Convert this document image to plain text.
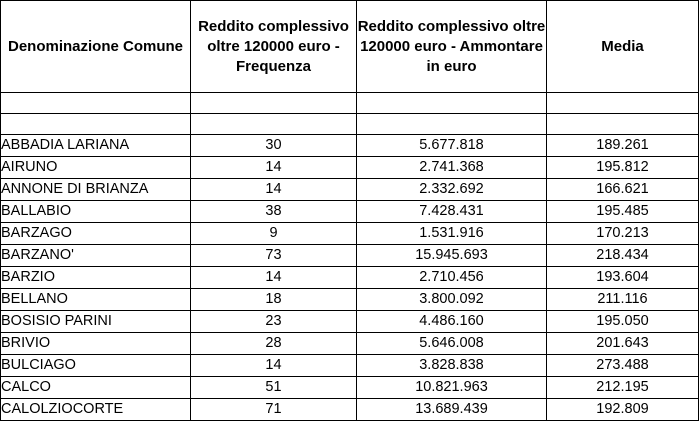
Denominazione Comune	Reddito complessivo oltre 120000 euro - Frequenza	Reddito complessivo oltre 120000 euro - Ammontare in euro	Media

ABBADIA LARIANA	30	5.677.818	189.261
AIRUNO	14	2.741.368	195.812
ANNONE DI BRIANZA	14	2.332.692	166.621
BALLABIO	38	7.428.431	195.485
BARZAGO	9	1.531.916	170.213
BARZANO'	73	15.945.693	218.434
BARZIO	14	2.710.456	193.604
BELLANO	18	3.800.092	211.116
BOSISIO PARINI	23	4.486.160	195.050
BRIVIO	28	5.646.008	201.643
BULCIAGO	14	3.828.838	273.488
CALCO	51	10.821.963	212.195
CALOLZIOCORTE	71	13.689.439	192.809
